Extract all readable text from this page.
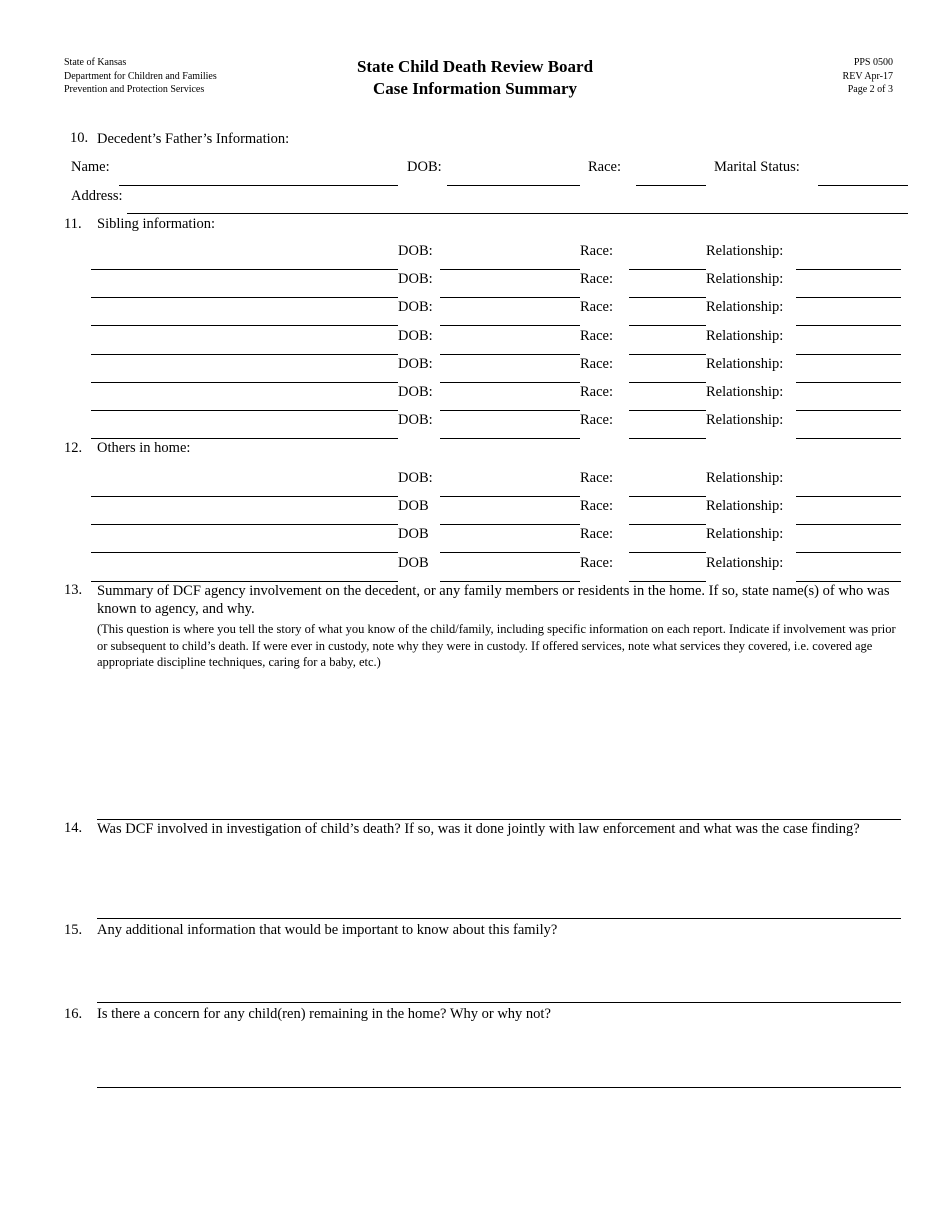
State of Kansas
Department for Children and Families
Prevention and Protection Services
State Child Death Review Board
Case Information Summary
PPS 0500
REV Apr-17
Page 2 of 3
10. Decedent’s Father’s Information:
Name:	DOB:	Race:	Marital Status:
Address:
11. Sibling information:
DOB:	Race:	Relationship:
DOB:	Race:	Relationship:
DOB:	Race:	Relationship:
DOB:	Race:	Relationship:
DOB:	Race:	Relationship:
DOB:	Race:	Relationship:
DOB:	Race:	Relationship:
12. Others in home:
DOB:	Race:	Relationship:
DOB	Race:	Relationship:
DOB	Race:	Relationship:
DOB	Race:	Relationship:
13. Summary of DCF agency involvement on the decedent, or any family members or residents in the home. If so, state name(s) of who was known to agency, and why.
(This question is where you tell the story of what you know of the child/family, including specific information on each report. Indicate if involvement was prior or subsequent to child’s death. If were ever in custody, note why they were in custody. If offered services, note what services they covered, i.e. covered age appropriate discipline techniques, caring for a baby, etc.)
14. Was DCF involved in investigation of child’s death? If so, was it done jointly with law enforcement and what was the case finding?
15. Any additional information that would be important to know about this family?
16. Is there a concern for any child(ren) remaining in the home? Why or why not?
